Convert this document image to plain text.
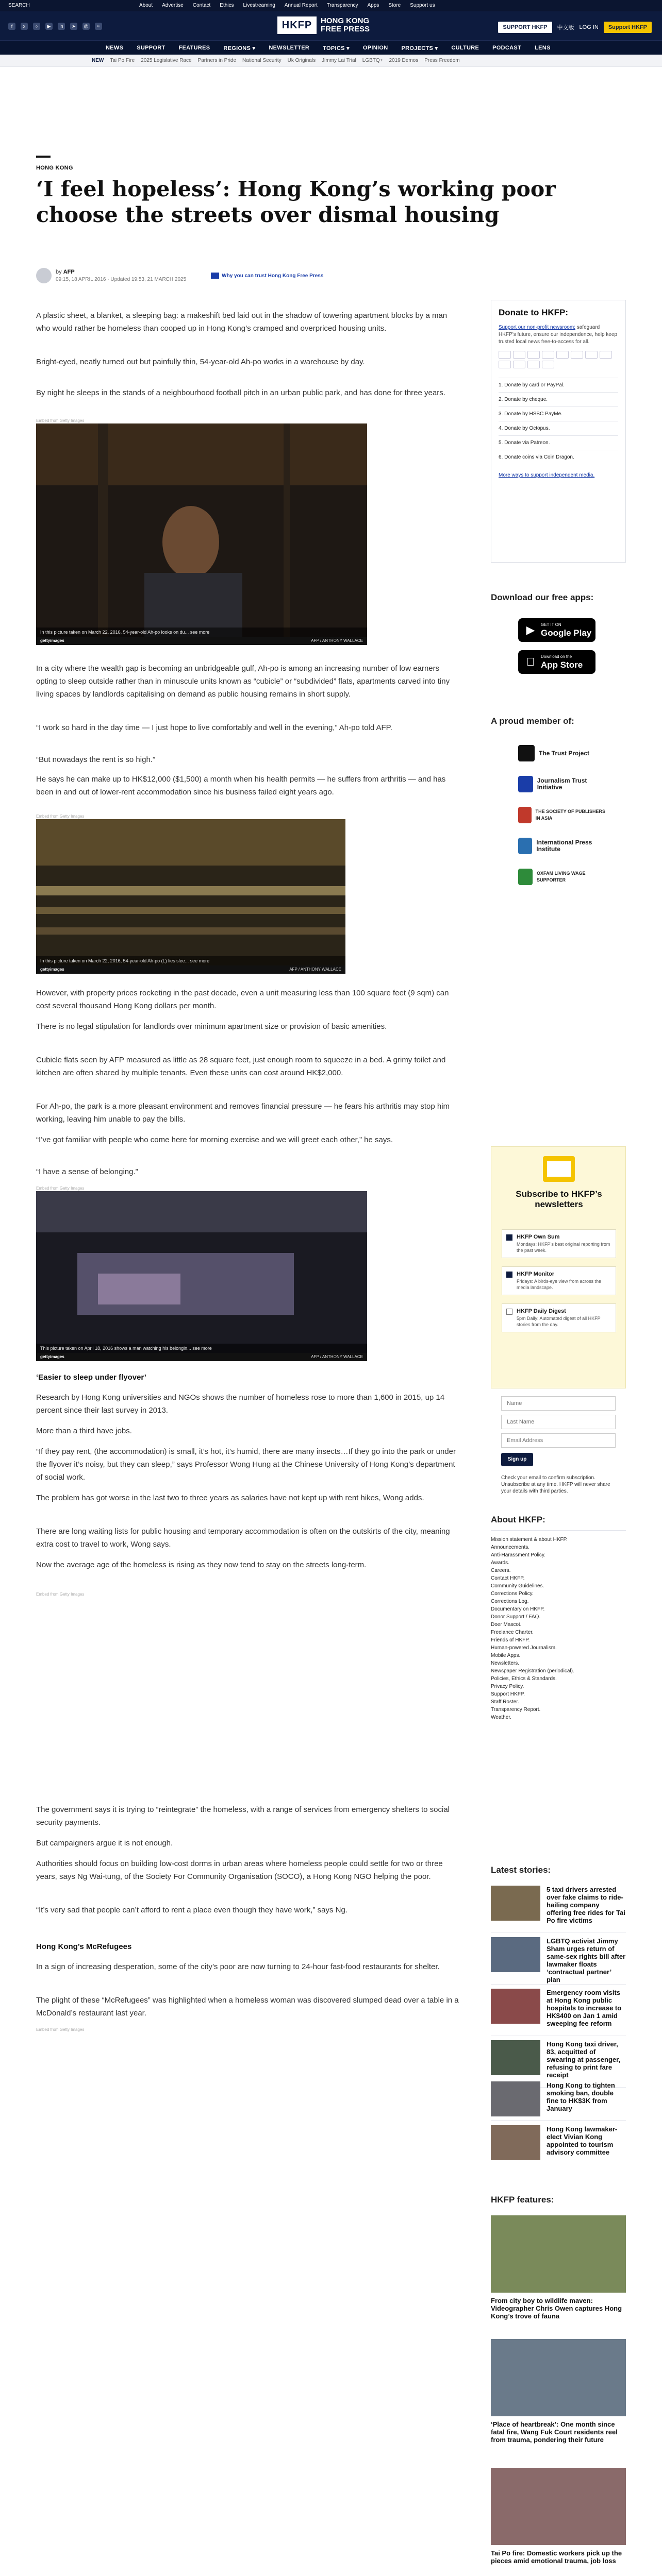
SEARCH	About Advertise Contact Ethics Livestreaming Annual Report Transparency Apps Store Support us
f	x	○	▶	in	➤	@	≈	HKFP	HONG KONG
FREE PRESS	SUPPORT HKFP	中文版 LOG IN	Support HKFP
NEWS SUPPORT FEATURES REGIONS ▾ NEWSLETTER TOPICS ▾ OPINION PROJECTS ▾ CULTURE PODCAST LENS
NEW Tai Po Fire 2025 Legislative Race Partners in Pride National Security Uk Originals Jimmy Lai Trial LGBTQ+ 2019 Demos Press Freedom
HONG KONG
‘I feel hopeless’: Hong Kong’s working poor choose the streets over dismal housing
by AFP
09:15, 18 APRIL 2016 · Updated 19:53, 21 MARCH 2025
Why you can trust Hong Kong Free Press

A plastic sheet, a blanket, a sleeping bag: a makeshift bed laid out in the shadow of towering apartment blocks by a man who would rather be homeless than cooped up in Hong Kong’s cramped and overpriced housing units.

Bright-eyed, neatly turned out but painfully thin, 54-year-old Ah-po works in a warehouse by day.

By night he sleeps in the stands of a neighbourhood football pitch in an urban public park, and has done for three years.

Embed from Getty Images
In this picture taken on March 22, 2016, 54-year-old Ah-po looks on du... see more
gettyimages	AFP / ANTHONY WALLACE

In a city where the wealth gap is becoming an unbridgeable gulf, Ah-po is among an increasing number of low earners opting to sleep outside rather than in minuscule units known as “cubicle” or “subdivided” flats, apartments carved into tiny living spaces by landlords capitalising on demand as public housing remains in short supply.

“I work so hard in the day time — I just hope to live comfortably and well in the evening,” Ah-po told AFP.

“But nowadays the rent is so high.”

He says he can make up to HK$12,000 ($1,500) a month when his health permits — he suffers from arthritis — and has been in and out of lower-rent accommodation since his business failed eight years ago.

Embed from Getty Images
In this picture taken on March 22, 2016, 54-year-old Ah-po (L) lies slee... see more
gettyimages	AFP / ANTHONY WALLACE

However, with property prices rocketing in the past decade, even a unit measuring less than 100 square feet (9 sqm) can cost several thousand Hong Kong dollars per month.

There is no legal stipulation for landlords over minimum apartment size or provision of basic amenities.

Cubicle flats seen by AFP measured as little as 28 square feet, just enough room to squeeze in a bed. A grimy toilet and kitchen are often shared by multiple tenants. Even these units can cost around HK$2,000.

For Ah-po, the park is a more pleasant environment and removes financial pressure — he fears his arthritis may stop him working, leaving him unable to pay the bills.

“I’ve got familiar with people who come here for morning exercise and we will greet each other,” he says.

“I have a sense of belonging.”

Embed from Getty Images
This picture taken on April 18, 2016 shows a man watching his belongin... see more
gettyimages	AFP / ANTHONY WALLACE
‘Easier to sleep under flyover’

Research by Hong Kong universities and NGOs shows the number of homeless rose to more than 1,600 in 2015, up 14 percent since their last survey in 2013.

More than a third have jobs.

“If they pay rent, (the accommodation) is small, it’s hot, it’s humid, there are many insects…If they go into the park or under the flyover it’s noisy, but they can sleep,” says Professor Wong Hung at the Chinese University of Hong Kong’s department of social work.

The problem has got worse in the last two to three years as salaries have not kept up with rent hikes, Wong adds.

There are long waiting lists for public housing and temporary accommodation is often on the outskirts of the city, meaning extra cost to travel to work, Wong says.

Now the average age of the homeless is rising as they now tend to stay on the streets long-term.

Embed from Getty Images

The government says it is trying to “reintegrate” the homeless, with a range of services from emergency shelters to social security payments.

But campaigners argue it is not enough.

Authorities should focus on building low-cost dorms in urban areas where homeless people could settle for two or three years, says Ng Wai-tung, of the Society For Community Organisation (SOCO), a Hong Kong NGO helping the poor.

“It’s very sad that people can’t afford to rent a place even though they have work,” says Ng.

Hong Kong’s McRefugees

In a sign of increasing desperation, some of the city’s poor are now turning to 24-hour fast-food restaurants for shelter.

The plight of these “McRefugees” was highlighted when a homeless woman was discovered slumped dead over a table in a McDonald’s restaurant last year.

Embed from Getty Images

Donate to HKFP:

Support our non-profit newsroom: safeguard HKFP’s future, ensure our independence, help keep trusted local news free-to-access for all.

1. Donate by card or PayPal.
2. Donate by cheque.
3. Donate by HSBC PayMe.
4. Donate by Octopus.
5. Donate via Patreon.
6. Donate coins via Coin Dragon.
More ways to support independent media.
Download our free apps:
▶	GET IT ON
Google Play
Download on the
App Store
A proud member of:
The Trust Project
Journalism Trust Initiative
THE SOCIETY OF PUBLISHERS IN ASIA
International Press Institute
OXFAM LIVING WAGE SUPPORTER
Subscribe to HKFP’s newsletters
HKFP Own Sum
Mondays: HKFP’s best original reporting from the past week.
HKFP Monitor
Fridays: A birds-eye view from across the media landscape.
HKFP Daily Digest
5pm Daily: Automated digest of all HKFP stories from the day.
Name
Last Name
Email Address
Sign up

Check your email to confirm subscription. Unsubscribe at any time. HKFP will never share your details with third parties.

About HKFP:
Mission statement & about HKFP.
Announcements.
Anti-Harassment Policy.
Awards.
Careers.
Contact HKFP.
Community Guidelines.
Corrections Policy.
Corrections Log.
Documentary on HKFP.
Donor Support / FAQ.
Doer Mascot.
Freelance Charter.
Friends of HKFP.
Human-powered Journalism.
Mobile Apps.
Newsletters.
Newspaper Registration (periodical).
Policies, Ethics & Standards.
Privacy Policy.
Support HKFP.
Staff Roster.
Transparency Report.
Weather.
Latest stories:
5 taxi drivers arrested over fake claims to ride-hailing company offering free rides for Tai Po fire victims
LGBTQ activist Jimmy Sham urges return of same-sex rights bill after lawmaker floats ‘contractual partner’ plan
Emergency room visits at Hong Kong public hospitals to increase to HK$400 on Jan 1 amid sweeping fee reform
Hong Kong taxi driver, 83, acquitted of swearing at passenger, refusing to print fare receipt
Hong Kong to tighten smoking ban, double fine to HK$3K from January
Hong Kong lawmaker-elect Vivian Kong appointed to tourism advisory committee
HKFP features:
From city boy to wildlife maven: Videographer Chris Owen captures Hong Kong’s trove of fauna
‘Place of heartbreak’: One month since fatal fire, Wang Fuk Court residents reel from trauma, pondering their future
Tai Po fire: Domestic workers pick up the pieces amid emotional trauma, job loss
